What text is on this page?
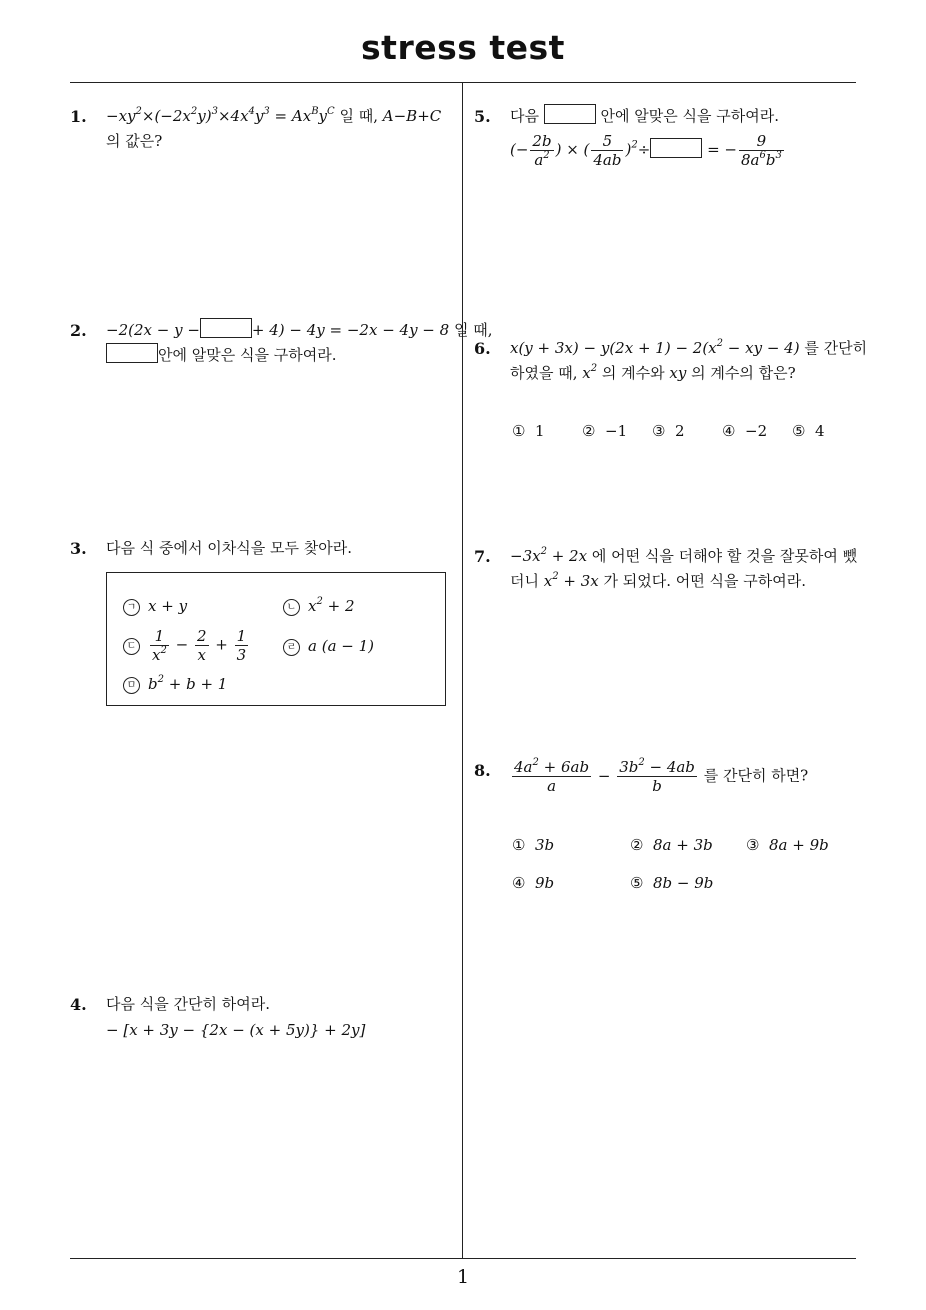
stress test
1
1. $-xy^2\times(-2x^2y)^3\times 4x^4y^3 = Ax^By^C$ 일 때, A−B+C
의 값은?
2. −2(2x − y −	+ 4) − 4y = −2x − 4y − 8 일 때,
안에 알맞은 식을 구하여라.
3. 다음 식 중에서 이차식을 모두 찾아라.
ㄱ x + y	ㄴ $x^2 + 2$
ㄷ $\frac{1}{x^2} - \frac{2}{x} + \frac{1}{3}$	ㄹ a (a − 1)
ㅁ $b^2 + b + 1$
4. 다음 식을 간단히 하여라.
− [x + 3y − {2x − (x + 5y)} + 2y]
5. 다음	안에 알맞은 식을 구하여라.
(− $\frac{2b}{a^2}$ ) × ( $\frac{5}{4ab} )^2\div$	= − $\frac{9}{8a^6b^3}$
6. $x(y + 3x) - y(2x + 1) - 2(x^2$ − xy − 4) 를 간단히
하였을 때, $x^2$ 의 계수와 xy 의 계수의 합은?
① 1 ② −1 ③ 2 ④ −2 ⑤ 4
7. $-3x^2 + 2x$ 에 어떤 식을 더해야 할 것을 잘못하여 뺐
더니 $x^2 + 3x$ 가 되었다. 어떤 식을 구하여라.
8. $\frac{4a^2 + 6ab}{a} - \frac{3b^2 - 4ab}{b}$ 를 간단히 하면?
① 3b	② 8a + 3b ③ 8a + 9b
④ 9b	⑤ 8b − 9b
